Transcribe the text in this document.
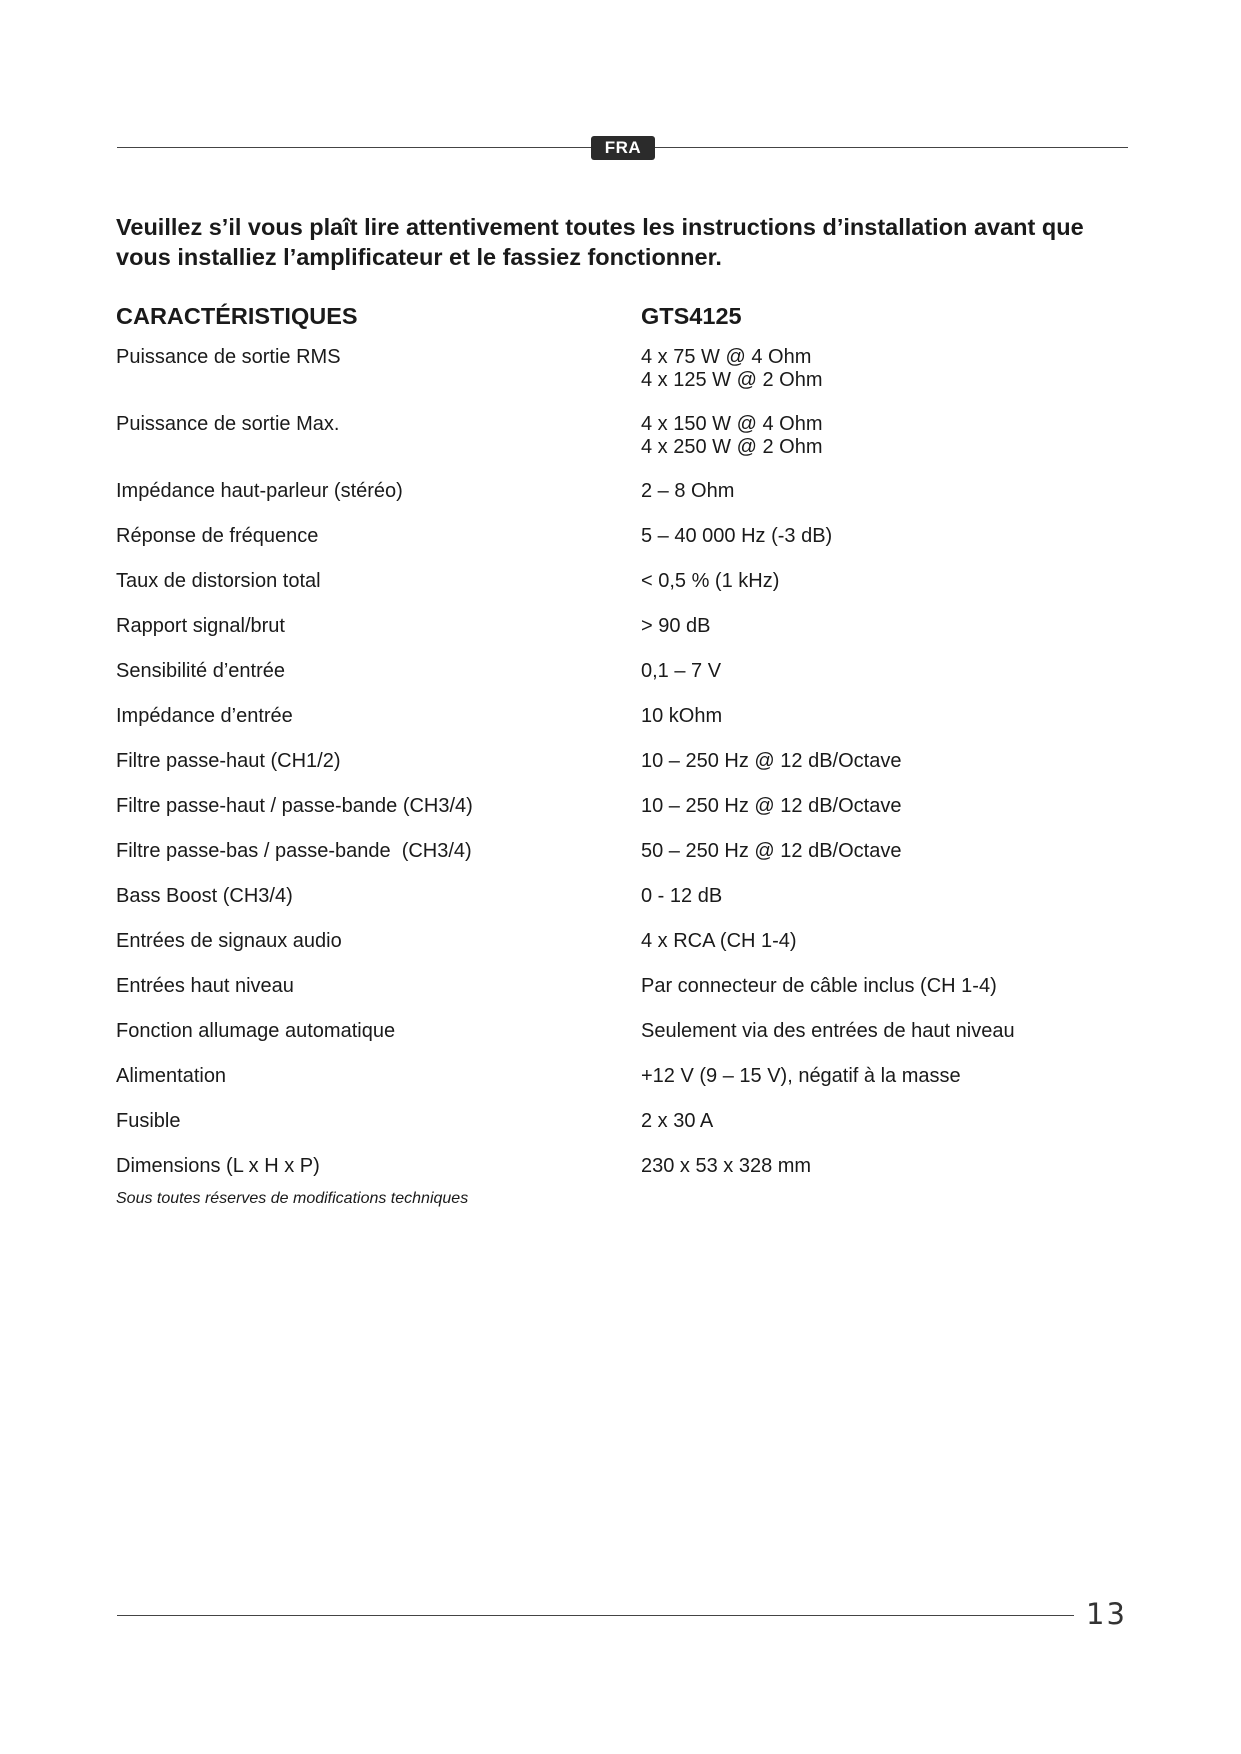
FRA
Veuillez s’il vous plaît lire attentivement toutes les instructions d’installation avant que vous installiez l’amplificateur et le fassiez fonctionner.
CARACTÉRISTIQUES	GTS4125
Puissance de sortie RMS	4 x 75 W @ 4 Ohm
4 x 125 W @ 2 Ohm
Puissance de sortie Max.	4 x 150 W @ 4 Ohm
4 x 250 W @ 2 Ohm
Impédance haut-parleur (stéréo)	2 – 8 Ohm
Réponse de fréquence	5 – 40 000 Hz (-3 dB)
Taux de distorsion total	< 0,5 % (1 kHz)
Rapport signal/brut	> 90 dB
Sensibilité d’entrée	0,1 – 7 V
Impédance d’entrée	10 kOhm
Filtre passe-haut (CH1/2)	10 – 250 Hz @ 12 dB/Octave
Filtre passe-haut / passe-bande (CH3/4)	10 – 250 Hz @ 12 dB/Octave
Filtre passe-bas / passe-bande  (CH3/4)	50 – 250 Hz @ 12 dB/Octave
Bass Boost (CH3/4)	0 - 12 dB
Entrées de signaux audio	4 x RCA (CH 1-4)
Entrées haut niveau	Par connecteur de câble inclus (CH 1-4)
Fonction allumage automatique	Seulement via des entrées de haut niveau
Alimentation	+12 V (9 – 15 V), négatif à la masse
Fusible	2 x 30 A
Dimensions (L x H x P)	230 x 53 x 328 mm
Sous toutes réserves de modifications techniques
13
